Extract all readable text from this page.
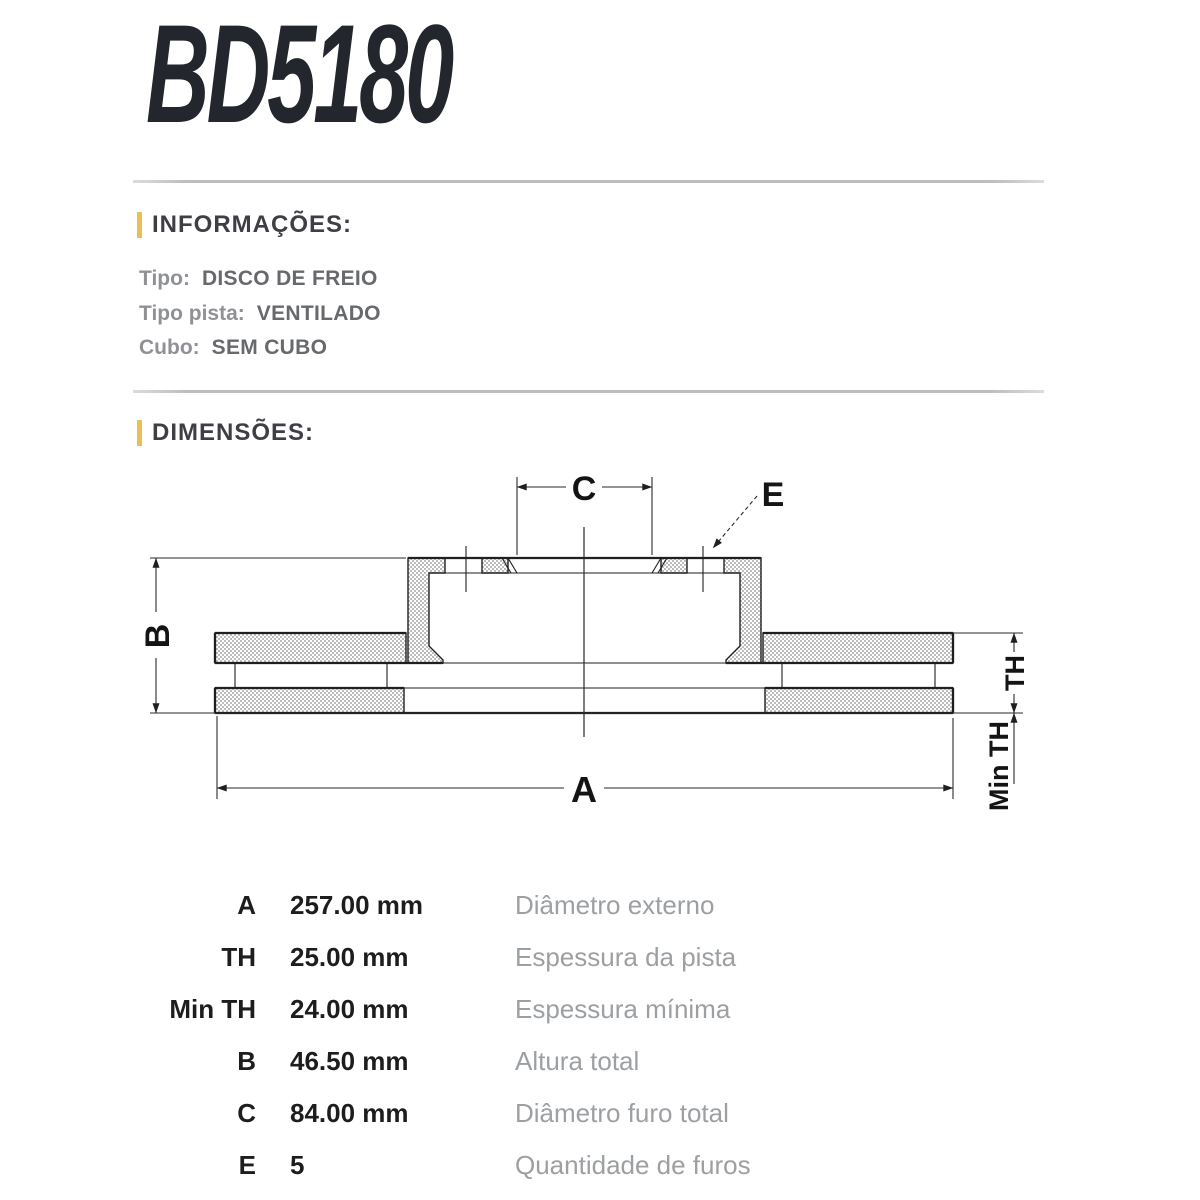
BD5180
INFORMAÇÕES:
Tipo: DISCO DE FREIO
Tipo pista: VENTILADO
Cubo: SEM CUBO
DIMENSÕES:
C	E
B
A
TH
Min TH
A 257.00 mm	Diâmetro externo
TH 25.00 mm	Espessura da pista
Min TH 24.00 mm	Espessura mínima
B 46.50 mm	Altura total
C 84.00 mm	Diâmetro furo total
E 5	Quantidade de furos
